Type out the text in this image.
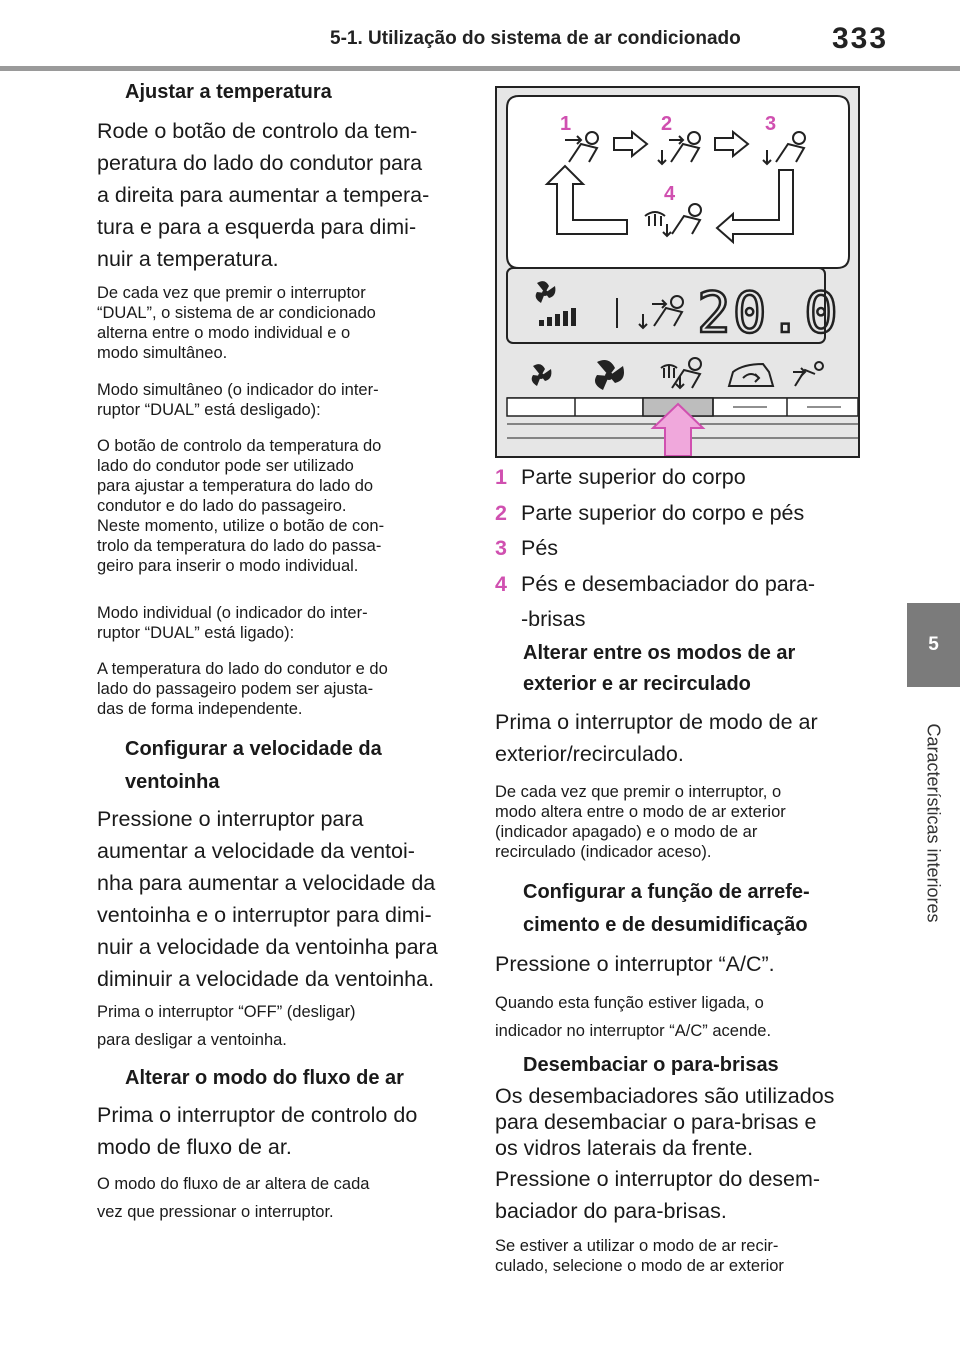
5-1. Utilização do sistema de ar condicionado	333
5
Características interiores
Ajustar a temperatura
Rode o botão de controlo da tem-
peratura do lado do condutor para
a direita para aumentar a tempera-
tura e para a esquerda para dimi-
nuir a temperatura.
De cada vez que premir o interruptor
“DUAL”, o sistema de ar condicionado
alterna entre o modo individual e o
modo simultâneo.
Modo simultâneo (o indicador do inter-
ruptor “DUAL” está desligado):
O botão de controlo da temperatura do
lado do condutor pode ser utilizado
para ajustar a temperatura do lado do
condutor e do lado do passageiro.
Neste momento, utilize o botão de con-
trolo da temperatura do lado do passa-
geiro para inserir o modo individual.
Modo individual (o indicador do inter-
ruptor “DUAL” está ligado):
A temperatura do lado do condutor e do
lado do passageiro podem ser ajusta-
das de forma independente.
Configurar a velocidade da
ventoinha
Pressione o interruptor para
aumentar a velocidade da ventoi-
nha para aumentar a velocidade da
ventoinha e o interruptor para dimi-
nuir a velocidade da ventoinha para
diminuir a velocidade da ventoinha.
Prima o interruptor “OFF” (desligar)
para desligar a ventoinha.
Alterar o modo do fluxo de ar
Prima o interruptor de controlo do
modo de fluxo de ar.
O modo do fluxo de ar altera de cada
vez que pressionar o interruptor.
1	2	3
4
20.0
1 Parte superior do corpo
2 Parte superior do corpo e pés
3 Pés
4 Pés e desembaciador do para-
-brisas
Alterar entre os modos de ar
exterior e ar recirculado
Prima o interruptor de modo de ar
exterior/recirculado.
De cada vez que premir o interruptor, o
modo altera entre o modo de ar exterior
(indicador apagado) e o modo de ar
recirculado (indicador aceso).
Configurar a função de arrefe-
cimento e de desumidificação
Pressione o interruptor “A/C”.
Quando esta função estiver ligada, o
indicador no interruptor “A/C” acende.
Desembaciar o para-brisas
Os desembaciadores são utilizados
para desembaciar o para-brisas e
os vidros laterais da frente.
Pressione o interruptor do desem-
baciador do para-brisas.
Se estiver a utilizar o modo de ar recir-
culado, selecione o modo de ar exterior
